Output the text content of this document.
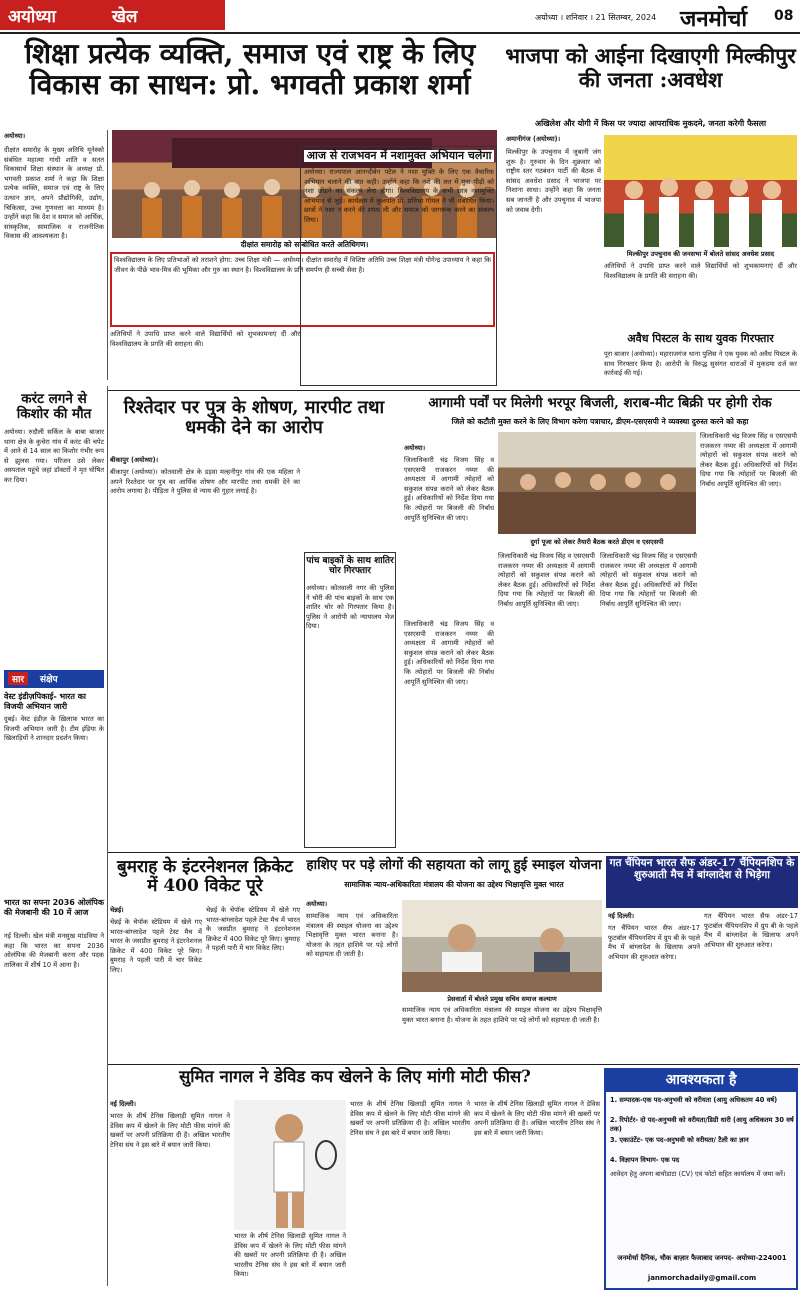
अयोध्या	खेल	अयोध्या । शनिवार । 21 सितम्बर, 2024 जनमोर्चा 08
शिक्षा प्रत्येक व्यक्ति, समाज एवं राष्ट्र के लिए विकास का साधन: प्रो. भगवती प्रकाश शर्मा
अयोध्या।
दीक्षांत समारोह के मुख्य अतिथि यूनेस्को संबंधित महात्मा गांधी शांति व सतत विकासार्थ शिक्षा संस्थान के अध्यक्ष प्रो. भगवती प्रकाश शर्मा ने कहा कि शिक्षा प्रत्येक व्यक्ति, समाज एवं राष्ट्र के लिए उत्थान ज्ञान, अपने प्रौद्योगिकी, उद्योग, चिकित्सा, उच्च गुणवत्ता का माध्यम है। उन्होंने कहा कि देश व समाज को आर्थिक, सांस्कृतिक, सामाजिक व राजनीतिक विकास की आवश्यकता है।
दीक्षांत समारोह को सम्बोधित करते अतिथिगण।
विश्वविद्यालय के लिए प्रतिभाओं को तराशने होगा: उच्च शिक्षा मंत्री — अयोध्या। दीक्षांत समारोह में विशिष्ट अतिथि उच्च शिक्षा मंत्री योगेन्द्र उपाध्याय ने कहा कि जीवन के पीछे भाव-मित्र की भूमिका और गुरु का स्थान है। विश्वविद्यालय के प्रति समर्पण ही सच्ची सेवा है।
अतिथियों ने उपाधि प्राप्त करने वाले विद्यार्थियों को शुभकामनाएं दीं और विश्वविद्यालय के प्रगति की सराहना की।
आज से राजभवन में नशामुक्त अभियान चलेगा
अयोध्या। राज्यपाल आनन्दीबेन पटेल ने नशा मुक्ति के लिए एक वैचारिक अभियान चलाने की बात कही। उन्होंने कहा कि नशे की लत में युवा पीढ़ी को नशा छोड़ने का संकल्प लेना होगा। विश्वविद्यालय के सभी छात्र नशामुक्ति अभियान से जुड़ें। कार्यक्रम में कुलपति प्रो. प्रतिभा गोयल ने भी संबोधित किया। छात्रों ने नशा न करने की शपथ ली और समाज को जागरूक करने का संकल्प लिया।
भाजपा को आईना दिखाएगी मिल्कीपुर की जनता :अवधेश
अखिलेश और योगी में किस पर ज्यादा आपराधिक मुकदमे, जनता करेगी फैसला
अमानीगंज (अयोध्या)।
मिल्कीपुर के उपचुनाव में जुबानी जंग शुरू है। गुरुवार के दिन शुक्रवार को राष्ट्रीय स्तर गठबंधन पार्टी की बैठक में सांसद अवधेश प्रसाद ने भाजपा पर निशाना साधा। उन्होंने कहा कि जनता सब जानती है और उपचुनाव में भाजपा को जवाब देगी।
मिल्कीपुर उपचुनाव की जनसभा में बोलते सांसद अवधेश प्रसाद
अतिथियों ने उपाधि प्राप्त करने वाले विद्यार्थियों को शुभकामनाएं दीं और विश्वविद्यालय के प्रगति की सराहना की।
अवैध पिस्टल के साथ युवक गिरफ्तार
पूरा बाजार (अयोध्या)। महाराजगंज थाना पुलिस ने एक युवक को अवैध पिस्टल के साथ गिरफ्तार किया है। आरोपी के विरुद्ध सुसंगत धाराओं में मुकदमा दर्ज कर कार्रवाई की गई।
करंट लगने से किशोर की मौत
अयोध्या। रुदौली सर्किल के बाबा बाजार थाना क्षेत्र के कुचेरा गांव में करंट की चपेट में आने से 14 साल का किशोर गंभीर रूप से झुलस गया। परिजन उसे लेकर अस्पताल पहुंचे जहां डॉक्टरों ने मृत घोषित कर दिया।
सार	संक्षेप
वेस्ट इंडीज़पिकाई- भारत का विजयी अभियान जारी
दुबई। वेस्ट इंडीज़ के ख़िलाफ़ भारत का विजयी अभियान जारी है। टीम इंडिया के खिलाड़ियों ने शानदार प्रदर्शन किया।
भारत का सपना 2036 ओलंपिक की मेजबानी की 10 में आज
नई दिल्ली। खेल मंत्री मनसुख मांडविया ने कहा कि भारत का सपना 2036 ओलंपिक की मेजबानी करना और पदक तालिका में शीर्ष 10 में आना है।
रिश्तेदार पर पुत्र के शोषण, मारपीट तथा धमकी देने का आरोप
बीकापुर (अयोध्या)।
बीकापुर (अयोध्या)। कोतवाली क्षेत्र के डड़वा मल्हनीपुर गांव की एक महिला ने अपने रिश्तेदार पर पुत्र का आर्थिक शोषण और मारपीट तथा धमकी देने का आरोप लगाया है। पीड़िता ने पुलिस से न्याय की गुहार लगाई है।
पांच बाइकों के साथ शातिर चोर गिरफ्तार
अयोध्या। कोतवाली नगर की पुलिस ने चोरी की पांच बाइकों के साथ एक शातिर चोर को गिरफ्तार किया है। पुलिस ने आरोपी को न्यायालय भेज दिया।
आगामी पर्वों पर मिलेगी भरपूर बिजली, शराब-मीट बिक्री पर होगी रोक
जिले को कटौती मुक्त करने के लिए विभाग करेगा पत्राचार, डीएम-एसएसपी ने व्यवस्था दुरुस्त करने को कहा
अयोध्या।
जिलाधिकारी चंद्र विजय सिंह व एसएसपी राजकरन नय्यर की अध्यक्षता में आगामी त्योहारों को सकुशल संपन्न कराने को लेकर बैठक हुई। अधिकारियों को निर्देश दिया गया कि त्योहारों पर बिजली की निर्बाध आपूर्ति सुनिश्चित की जाए।
दुर्गा पूजा को लेकर तैयारी बैठक करते डीएम व एसएसपी
जिलाधिकारी चंद्र विजय सिंह व एसएसपी राजकरन नय्यर की अध्यक्षता में आगामी त्योहारों को सकुशल संपन्न कराने को लेकर बैठक हुई। अधिकारियों को निर्देश दिया गया कि त्योहारों पर बिजली की निर्बाध आपूर्ति सुनिश्चित की जाए।
जिलाधिकारी चंद्र विजय सिंह व एसएसपी राजकरन नय्यर की अध्यक्षता में आगामी त्योहारों को सकुशल संपन्न कराने को लेकर बैठक हुई। अधिकारियों को निर्देश दिया गया कि त्योहारों पर बिजली की निर्बाध आपूर्ति सुनिश्चित की जाए।
जिलाधिकारी चंद्र विजय सिंह व एसएसपी राजकरन नय्यर की अध्यक्षता में आगामी त्योहारों को सकुशल संपन्न कराने को लेकर बैठक हुई। अधिकारियों को निर्देश दिया गया कि त्योहारों पर बिजली की निर्बाध आपूर्ति सुनिश्चित की जाए।
जिलाधिकारी चंद्र विजय सिंह व एसएसपी राजकरन नय्यर की अध्यक्षता में आगामी त्योहारों को सकुशल संपन्न कराने को लेकर बैठक हुई। अधिकारियों को निर्देश दिया गया कि त्योहारों पर बिजली की निर्बाध आपूर्ति सुनिश्चित की जाए।
बुमराह के इंटरनेशनल क्रिकेट में 400 विकेट पूरे
चेन्नई।
चेन्नई के चेपॉक स्टेडियम में खेले गए भारत-बांग्लादेश पहले टेस्ट मैच में भारत के जसप्रीत बुमराह ने इंटरनेशनल क्रिकेट में 400 विकेट पूरे किए। बुमराह ने पहली पारी में चार विकेट लिए।
चेन्नई के चेपॉक स्टेडियम में खेले गए भारत-बांग्लादेश पहले टेस्ट मैच में भारत के जसप्रीत बुमराह ने इंटरनेशनल क्रिकेट में 400 विकेट पूरे किए। बुमराह ने पहली पारी में चार विकेट लिए।
हाशिए पर पड़े लोगों की सहायता को लागू हुई स्माइल योजना
सामाजिक न्याय-अधिकारिता मंत्रालय की योजना का उद्देश्य भिक्षावृत्ति मुक्त भारत
अयोध्या।
सामाजिक न्याय एवं अधिकारिता मंत्रालय की स्माइल योजना का उद्देश्य भिक्षावृत्ति मुक्त भारत बनाना है। योजना के तहत हाशिये पर पड़े लोगों को सहायता दी जाती है।
प्रेसवार्ता में बोलते प्रमुख सचिव समाज कल्याण
सामाजिक न्याय एवं अधिकारिता मंत्रालय की स्माइल योजना का उद्देश्य भिक्षावृत्ति मुक्त भारत बनाना है। योजना के तहत हाशिये पर पड़े लोगों को सहायता दी जाती है।
गत चैंपियन भारत सैफ अंडर-17 चैंपियनशिप के शुरुआती मैच में बांग्लादेश से भिड़ेगा
नई दिल्ली।
गत चैंपियन भारत सैफ अंडर-17 फुटबॉल चैंपियनशिप में ग्रुप बी के पहले मैच में बांग्लादेश के खिलाफ अपने अभियान की शुरुआत करेगा।
गत चैंपियन भारत सैफ अंडर-17 फुटबॉल चैंपियनशिप में ग्रुप बी के पहले मैच में बांग्लादेश के खिलाफ अपने अभियान की शुरुआत करेगा।
सुमित नागल ने डेविड कप खेलने के लिए मांगी मोटी फीस?
नई दिल्ली।
भारत के शीर्ष टेनिस खिलाड़ी सुमित नागल ने डेविस कप में खेलने के लिए मोटी फीस मांगने की खबरों पर अपनी प्रतिक्रिया दी है। अखिल भारतीय टेनिस संघ ने इस बारे में बयान जारी किया।
भारत के शीर्ष टेनिस खिलाड़ी सुमित नागल ने डेविस कप में खेलने के लिए मोटी फीस मांगने की खबरों पर अपनी प्रतिक्रिया दी है। अखिल भारतीय टेनिस संघ ने इस बारे में बयान जारी किया।
भारत के शीर्ष टेनिस खिलाड़ी सुमित नागल ने डेविस कप में खेलने के लिए मोटी फीस मांगने की खबरों पर अपनी प्रतिक्रिया दी है। अखिल भारतीय टेनिस संघ ने इस बारे में बयान जारी किया।
भारत के शीर्ष टेनिस खिलाड़ी सुमित नागल ने डेविस कप में खेलने के लिए मोटी फीस मांगने की खबरों पर अपनी प्रतिक्रिया दी है। अखिल भारतीय टेनिस संघ ने इस बारे में बयान जारी किया।
आवश्यकता है
1. सम्पादक-एक पद-अनुभवी को वरीयता (आयु अधिकतम 40 वर्ष)
2. रिपोर्टर- दो पद-अनुभवी को वरीयता/डिग्री धारी (आयु अधिकतम 30 वर्ष तक)
3. एकाउंटेंट- एक पद-अनुभवी को वरीयता/ टैली का ज्ञान
4. विज्ञापन विभाग- एक पद
आवेदन हेतु अपना बायोडाटा (CV) एवं फोटो सहित कार्यालय में जमा करें।
जनमोर्चा दैनिक, चौक बाज़ार फैजाबाद जनपद- अयोध्या-224001
janmorchadaily@gmail.com
